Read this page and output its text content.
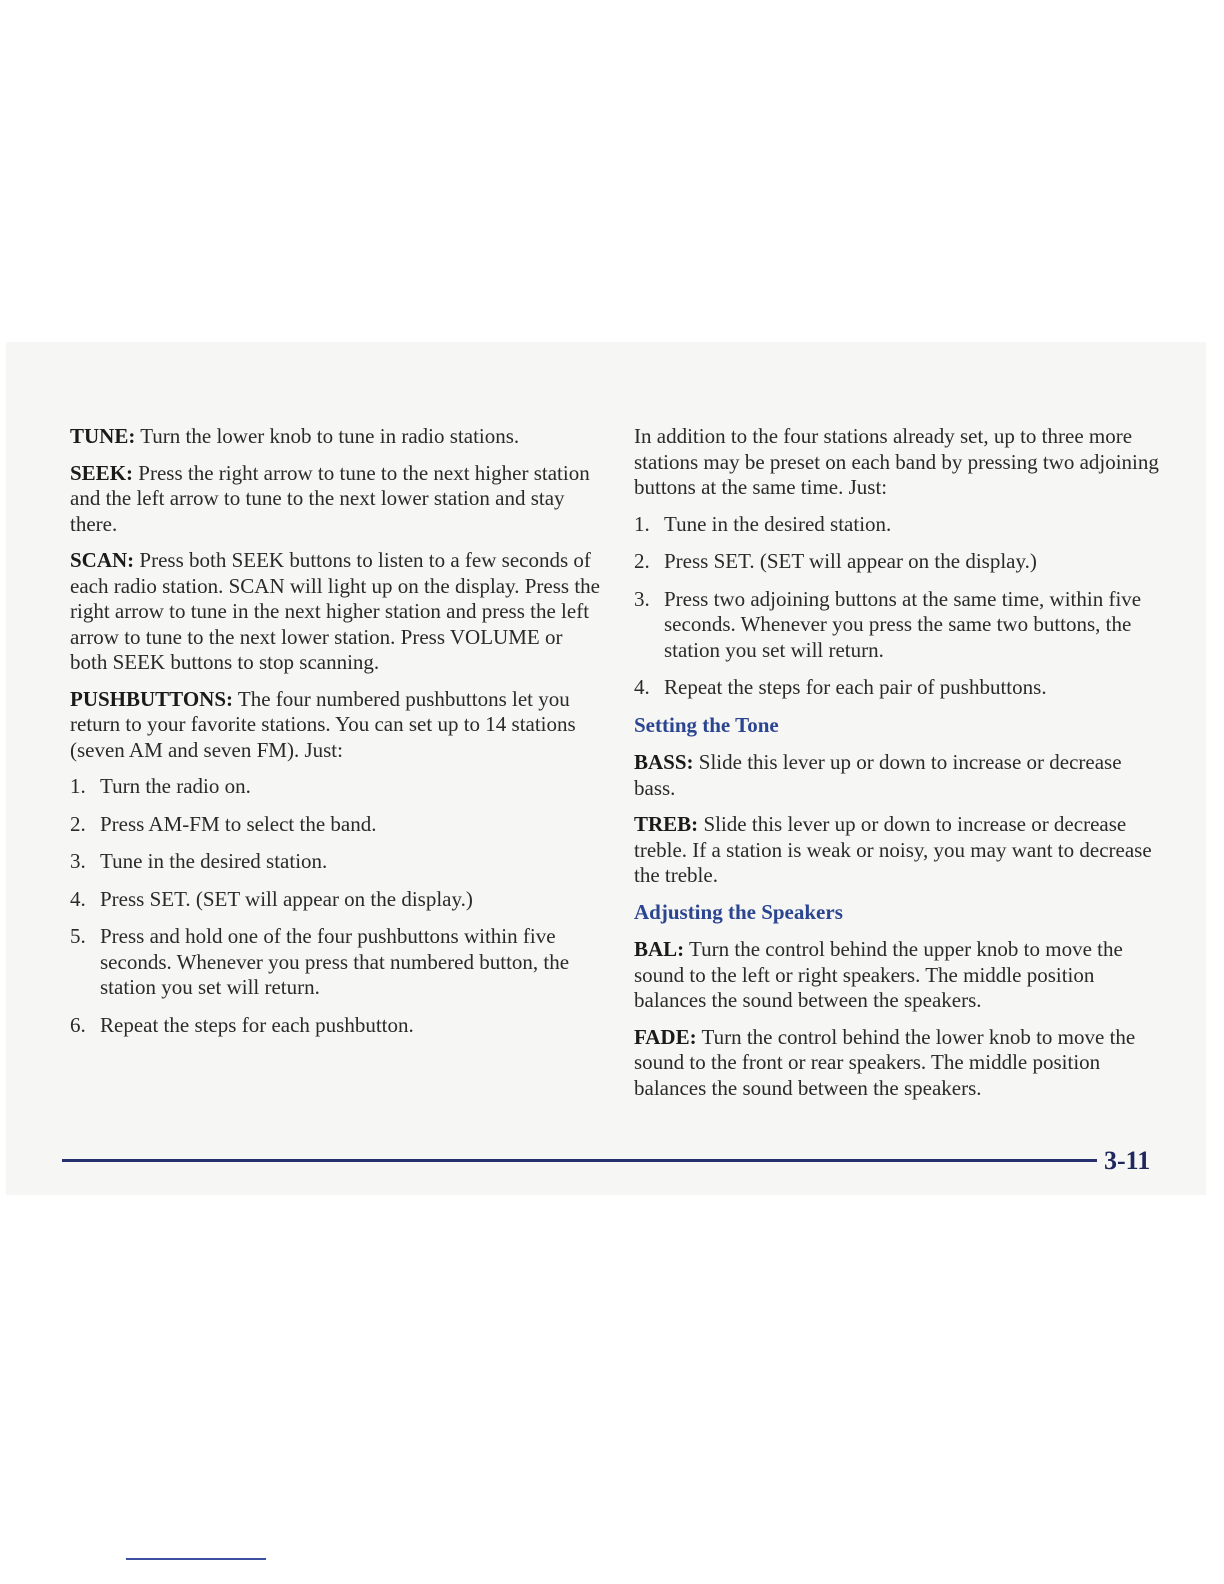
TUNE: Turn the lower knob to tune in radio stations.

SEEK: Press the right arrow to tune to the next higher station and the left arrow to tune to the next lower station and stay there.

SCAN: Press both SEEK buttons to listen to a few seconds of each radio station. SCAN will light up on the display. Press the right arrow to tune in the next higher station and press the left arrow to tune to the next lower station. Press VOLUME or both SEEK buttons to stop scanning.

PUSHBUTTONS: The four numbered pushbuttons let you return to your favorite stations. You can set up to 14 stations (seven AM and seven FM). Just:

1. Turn the radio on.
2. Press AM-FM to select the band.
3. Tune in the desired station.
4. Press SET. (SET will appear on the display.)
5. Press and hold one of the four pushbuttons within five seconds. Whenever you press that numbered button, the station you set will return.
6. Repeat the steps for each pushbutton.

In addition to the four stations already set, up to three more stations may be preset on each band by pressing two adjoining buttons at the same time. Just:

1. Tune in the desired station.
2. Press SET. (SET will appear on the display.)
3. Press two adjoining buttons at the same time, within five seconds. Whenever you press the same two buttons, the station you set will return.
4. Repeat the steps for each pair of pushbuttons.
Setting the Tone

BASS: Slide this lever up or down to increase or decrease bass.

TREB: Slide this lever up or down to increase or decrease treble. If a station is weak or noisy, you may want to decrease the treble.

Adjusting the Speakers

BAL: Turn the control behind the upper knob to move the sound to the left or right speakers. The middle position balances the sound between the speakers.

FADE: Turn the control behind the lower knob to move the sound to the front or rear speakers. The middle position balances the sound between the speakers.

3-11
